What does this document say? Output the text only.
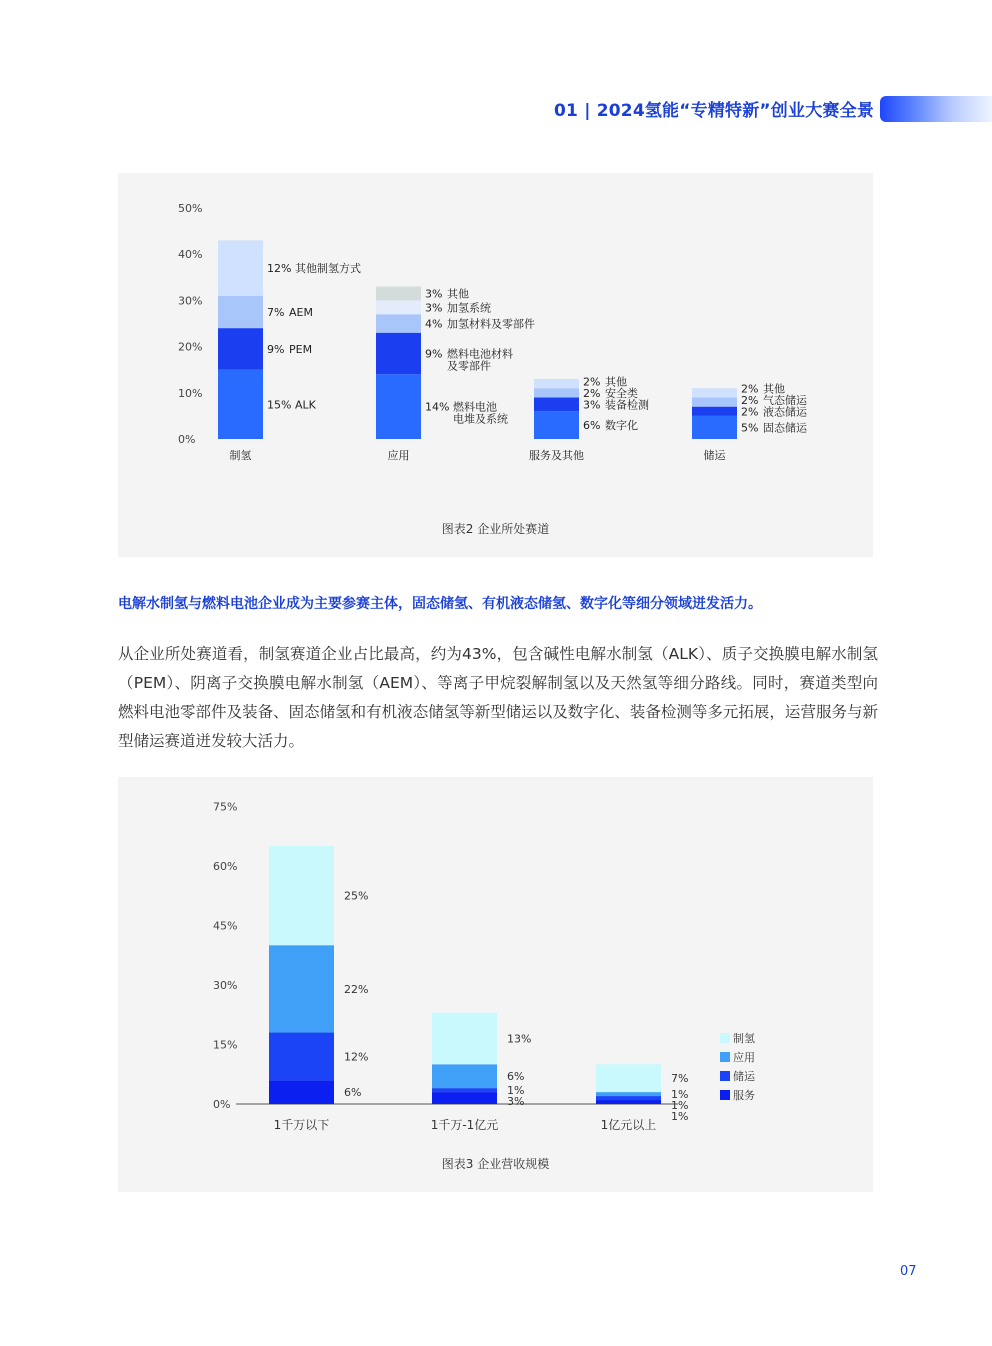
01 | 2024氢能“专精特新”创业大赛全景
0%
10%
20%
30%
40%
50%
15% ALK
9% PEM
7% AEM
12% 其他制氢方式
制氢
14% 燃料电池
电堆及系统
9% 燃料电池材料
及零部件
4% 加氢材料及零部件
3% 加氢系统
3% 其他
应用
6% 数字化
3% 装备检测
2% 安全类
2% 其他
服务及其他
5% 固态储运
2% 液态储运
2% 气态储运
2% 其他
储运
图表2 企业所处赛道
电解水制氢与燃料电池企业成为主要参赛主体，固态储氢、有机液态储氢、数字化等细分领域迸发活力。
从企业所处赛道看，制氢赛道企业占比最高，约为43%，包含碱性电解水制氢（ALK）、质子交换膜电解水制氢（PEM）、阴离子交换膜电解水制氢（AEM）、等离子甲烷裂解制氢以及天然氢等细分路线。同时，赛道类型向燃料电池零部件及装备、固态储氢和有机液态储氢等新型储运以及数字化、装备检测等多元拓展，运营服务与新型储运赛道迸发较大活力。
0%
15%
30%
45%
60%
75%
6%
12%
22%
25%
1千万以下
3%
1%
6%
13%
1千万-1亿元
1%
1%
1%
7%
1亿元以上
制氢
应用
储运
服务
图表3 企业营收规模
07
